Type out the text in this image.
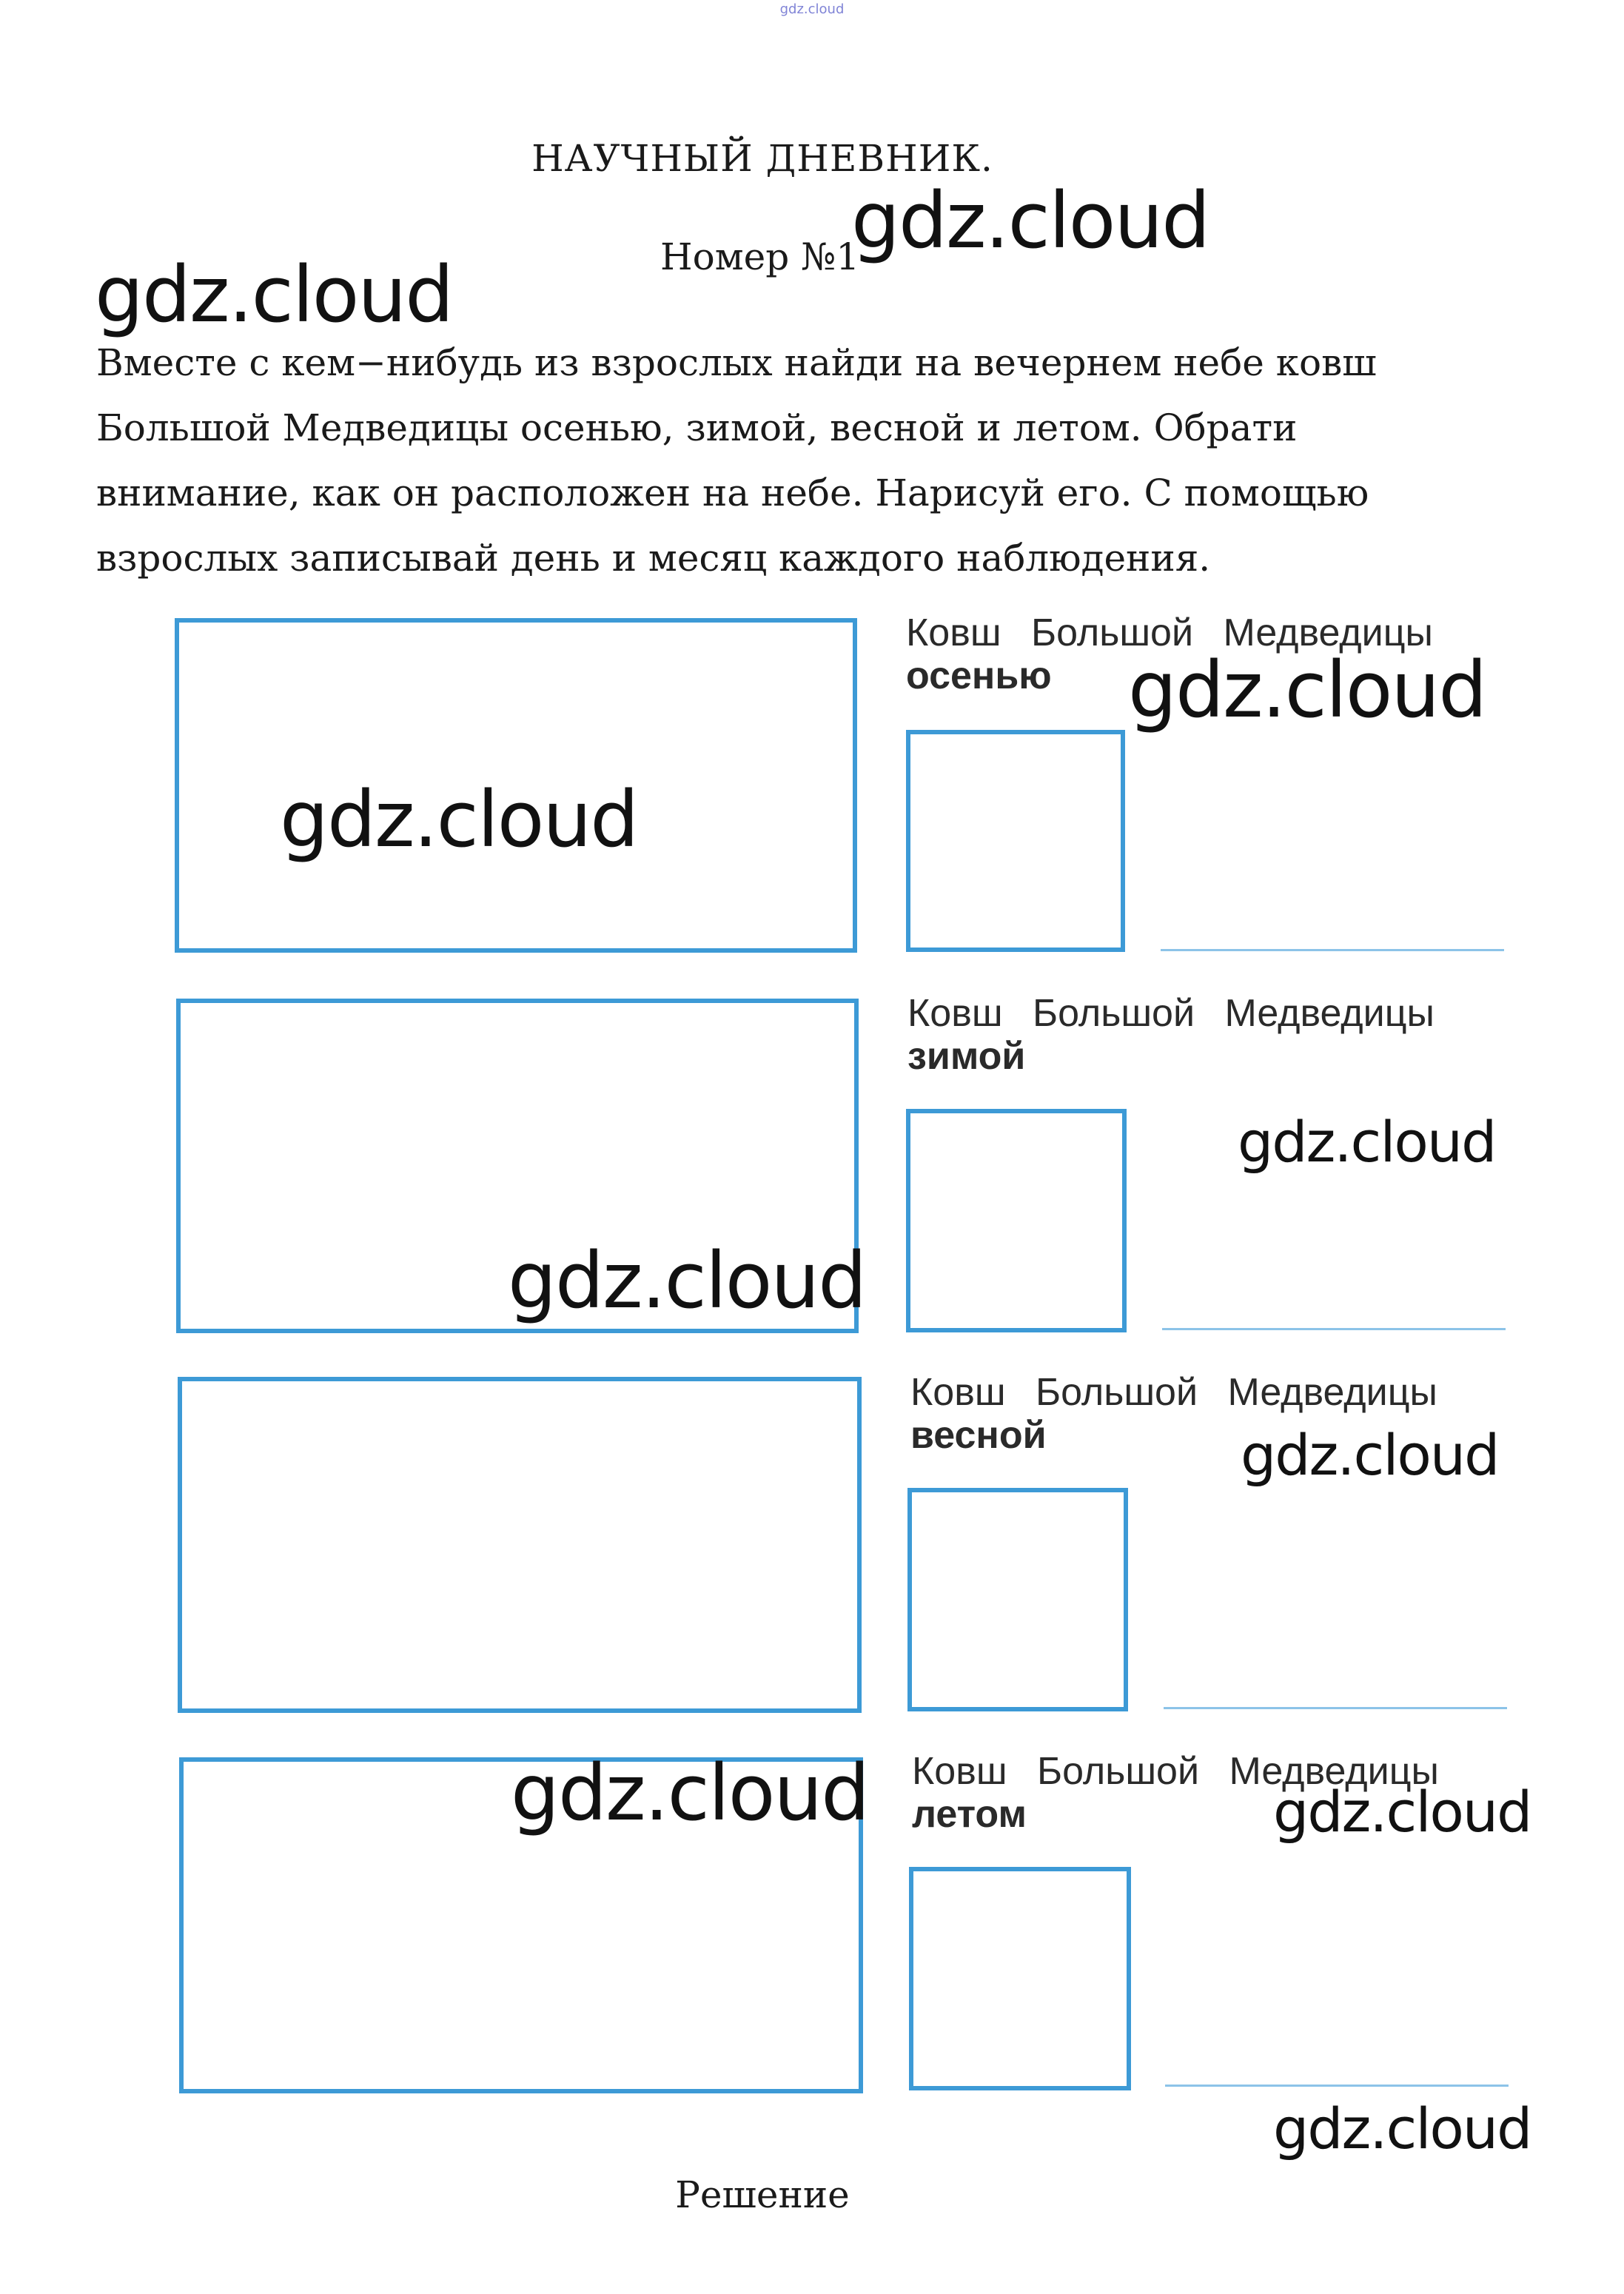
gdz.cloud
НАУЧНЫЙ ДНЕВНИК.
Номер №1
Вместе с кем−нибудь из взрослых найди на вечернем небе ковш Большой Медведицы осенью, зимой, весной и летом. Обрати внимание, как он расположен на небе. Нарисуй его. С помощью взрослых записывай день и месяц каждого наблюдения.
Ковш Большой Медведицы
осенью
Ковш Большой Медведицы
зимой
Ковш Большой Медведицы
весной
Ковш Большой Медведицы
летом
gdz.cloud
gdz.cloud
gdz.cloud
gdz.cloud
gdz.cloud
gdz.cloud
gdz.cloud
gdz.cloud	gdz.cloud
gdz.cloud
Решение
